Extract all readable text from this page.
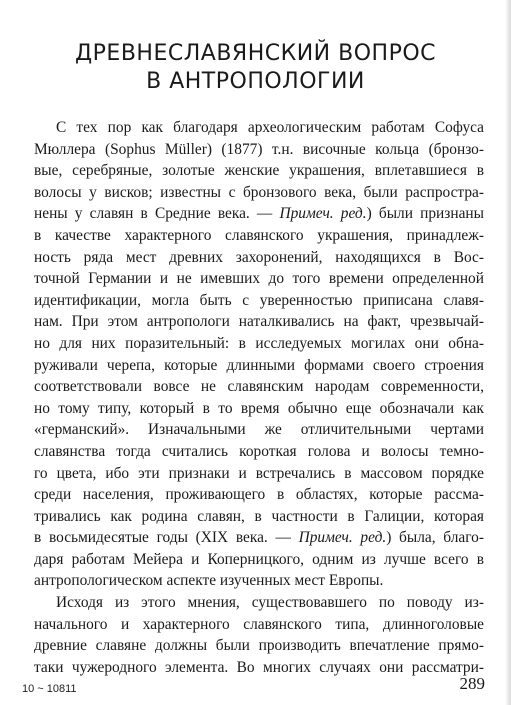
ДРЕВНЕСЛАВЯНСКИЙ ВОПРОС
В АНТРОПОЛОГИИ
С тех пор как благодаря археологическим работам Софуса
Мюллера (Sophus Müller) (1877) т.н. височные кольца (бронзо-
вые, серебряные, золотые женские украшения, вплетавшиеся в
волосы у висков; известны с бронзового века, были распростра-
нены у славян в Средние века. — Примеч. ред.) были признаны
в качестве характерного славянского украшения, принадлеж-
ность ряда мест древних захоронений, находящихся в Вос-
точной Германии и не имевших до того времени определенной
идентификации, могла быть с уверенностью приписана славя-
нам. При этом антропологи наталкивались на факт, чрезвычай-
но для них поразительный: в исследуемых могилах они обна-
руживали черепа, которые длинными формами своего строения
соответствовали вовсе не славянским народам современности,
но тому типу, который в то время обычно еще обозначали как
«германский». Изначальными же отличительными чертами
славянства тогда считались короткая голова и волосы темно-
го цвета, ибо эти признаки и встречались в массовом порядке
среди населения, проживающего в областях, которые рассма-
тривались как родина славян, в частности в Галиции, которая
в восьмидесятые годы (XIX века. — Примеч. ред.) была, благо-
даря работам Мейера и Коперницкого, одним из лучше всего в
антропологическом аспекте изученных мест Европы.
Исходя из этого мнения, существовавшего по поводу из-
начального и характерного славянского типа, длинноголовые
древние славяне должны были производить впечатление прямо-
таки чужеродного элемента. Во многих случаях они рассматри-
10 ~ 10811	289
